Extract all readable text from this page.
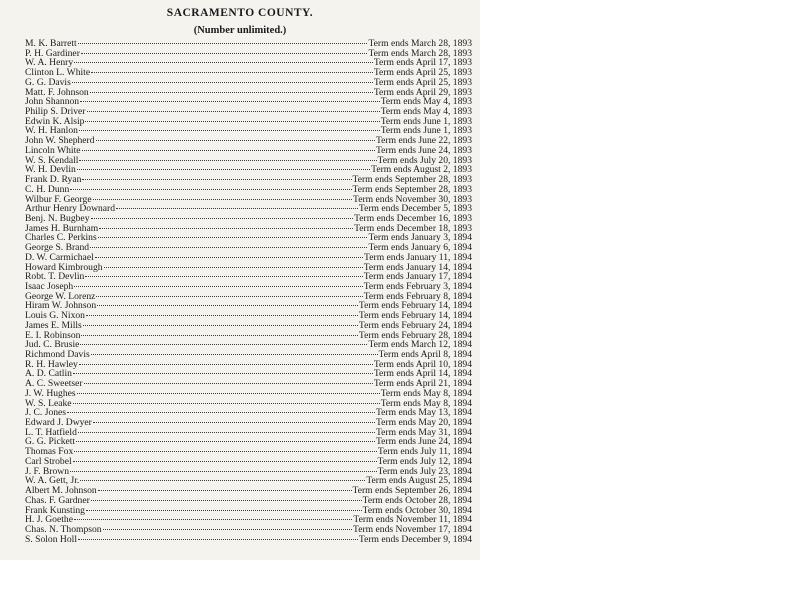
SACRAMENTO COUNTY.
(Number unlimited.)
M. K. Barrett	Term ends March 28, 1893
P. H. Gardiner	Term ends March 28, 1893
W. A. Henry	Term ends April 17, 1893
Clinton L. White	Term ends April 25, 1893
G. G. Davis	Term ends April 25, 1893
Matt. F. Johnson	Term ends April 29, 1893
John Shannon	Term ends May 4, 1893
Philip S. Driver	Term ends May 4, 1893
Edwin K. Alsip	Term ends June 1, 1893
W. H. Hanlon	Term ends June 1, 1893
John W. Shepherd	Term ends June 22, 1893
Lincoln White	Term ends June 24, 1893
W. S. Kendall	Term ends July 20, 1893
W. H. Devlin	Term ends August 2, 1893
Frank D. Ryan	Term ends September 28, 1893
C. H. Dunn	Term ends September 28, 1893
Wilbur F. George	Term ends November 30, 1893
Arthur Henry Downard	Term ends December 5, 1893
Benj. N. Bugbey	Term ends December 16, 1893
James H. Burnham	Term ends December 18, 1893
Charles C. Perkins	Term ends January 3, 1894
George S. Brand	Term ends January 6, 1894
D. W. Carmichael	Term ends January 11, 1894
Howard Kimbrough	Term ends January 14, 1894
Robt. T. Devlin	Term ends January 17, 1894
Isaac Joseph	Term ends February 3, 1894
George W. Lorenz	Term ends February 8, 1894
Hiram W. Johnson	Term ends February 14, 1894
Louis G. Nixon	Term ends February 14, 1894
James E. Mills	Term ends February 24, 1894
E. I. Robinson	Term ends February 28, 1894
Jud. C. Brusie	Term ends March 12, 1894
Richmond Davis	Term ends April 8, 1894
R. H. Hawley	Term ends April 10, 1894
A. D. Catlin	Term ends April 14, 1894
A. C. Sweetser	Term ends April 21, 1894
J. W. Hughes	Term ends May 8, 1894
W. S. Leake	Term ends May 8, 1894
J. C. Jones	Term ends May 13, 1894
Edward J. Dwyer	Term ends May 20, 1894
L. T. Hatfield	Term ends May 31, 1894
G. G. Pickett	Term ends June 24, 1894
Thomas Fox	Term ends July 11, 1894
Carl Strobel	Term ends July 12, 1894
J. F. Brown	Term ends July 23, 1894
W. A. Gett, Jr.	Term ends August 25, 1894
Albert M. Johnson	Term ends September 26, 1894
Chas. F. Gardner	Term ends October 28, 1894
Frank Kunsting	Term ends October 30, 1894
H. J. Goethe	Term ends November 11, 1894
Chas. N. Thompson	Term ends November 17, 1894
S. Solon Holl	Term ends December 9, 1894
